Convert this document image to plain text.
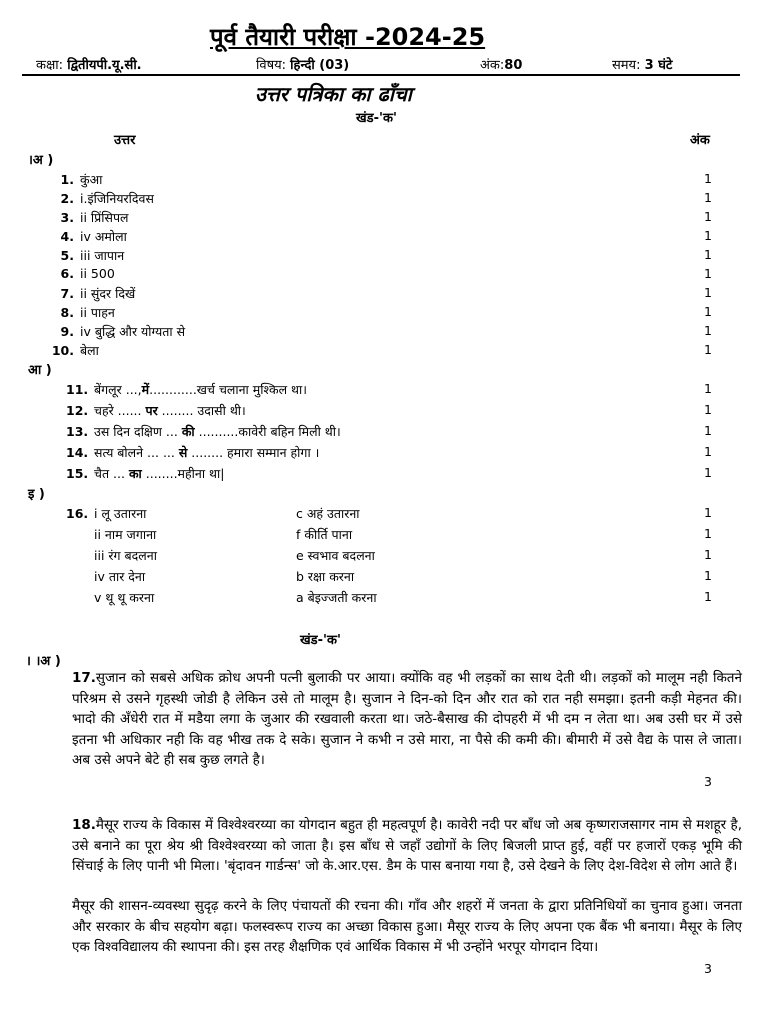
पूर्व तैयारी परीक्षा -2024-25
कक्षा: द्वितीयपी.यू.सी.	विषय: हिन्दी (03)	अंक:80	समय: 3 घंटे
उत्तर पत्रिका का ढाँचा
खंड-'क'
उत्तर	अंक
।अ )
1. कुंआ	1
2. i.इंजिनियरदिवस	1
3. ii प्रिंसिपल	1
4. iv अमोला	1
5. iii जापान	1
6. ii 500	1
7. ii सुंदर दिखें	1
8. ii पाहन	1
9. iv बुद्धि और योग्यता से	1
10. बेला	1
आ )
11. बेंगलूर ...,में............खर्च चलाना मुश्किल था।	1
12. चहरे ...... पर ........ उदासी थी।	1
13. उस दिन दक्षिण ... की ..........कावेरी बहिन मिली थी।	1
14. सत्य बोलने ... ... से ........ हमारा सम्मान होगा ।	1
15. चैत ... का ........महीना था|	1
इ )
16. i लू उतारना	c अहं उतारना	1
ii नाम जगाना	f कीर्ति पाना	1
iii रंग बदलना	e स्वभाव बदलना	1
iv तार देना	b रक्षा करना	1
v थू थू करना	a बेइज्जती करना	1
खंड-'क'
। ।अ )
17.सुजान को सबसे अधिक क्रोध अपनी पत्नी बुलाकी पर आया। क्योंकि वह भी लड़कों का साथ देती थी। लड़कों को मालूम नही कितने परिश्रम से उसने गृहस्थी जोडी है लेकिन उसे तो मालूम है। सुजान ने दिन-को दिन और रात को रात नही समझा। इतनी कड़ी मेहनत की। भादो की अँधेरी रात में मडैया लगा के जुआर की रखवाली करता था। जठे-बैसाख की दोपहरी में भी दम न लेता था। अब उसी घर में उसे इतना भी अधिकार नही कि वह भीख तक दे सके। सुजान ने कभी न उसे मारा, ना पैसे की कमी की। बीमारी में उसे वैद्य के पास ले जाता। अब उसे अपने बेटे ही सब कुछ लगते है।
3
18.मैसूर राज्य के विकास में विश्वेश्वरय्या का योगदान बहुत ही महत्वपूर्ण है। कावेरी नदी पर बाँध जो अब कृष्णराजसागर नाम से मशहूर है, उसे बनाने का पूरा श्रेय श्री विश्वेश्वरय्या को जाता है। इस बाँध से जहाँ उद्योगों के लिए बिजली प्राप्त हुई, वहीं पर हजारों एकड़ भूमि की सिंचाई के लिए पानी भी मिला। 'बृंदावन गार्डन्स' जो के.आर.एस. डैम के पास बनाया गया है, उसे देखने के लिए देश-विदेश से लोग आते हैं।
मैसूर की शासन-व्यवस्था सुदृढ़ करने के लिए पंचायतों की रचना की। गाँव और शहरों में जनता के द्वारा प्रतिनिधियों का चुनाव हुआ। जनता और सरकार के बीच सहयोग बढ़ा। फलस्वरूप राज्य का अच्छा विकास हुआ। मैसूर राज्य के लिए अपना एक बैंक भी बनाया। मैसूर के लिए एक विश्वविद्यालय की स्थापना की। इस तरह शैक्षणिक एवं आर्थिक विकास में भी उन्होंने भरपूर योगदान दिया।
3
